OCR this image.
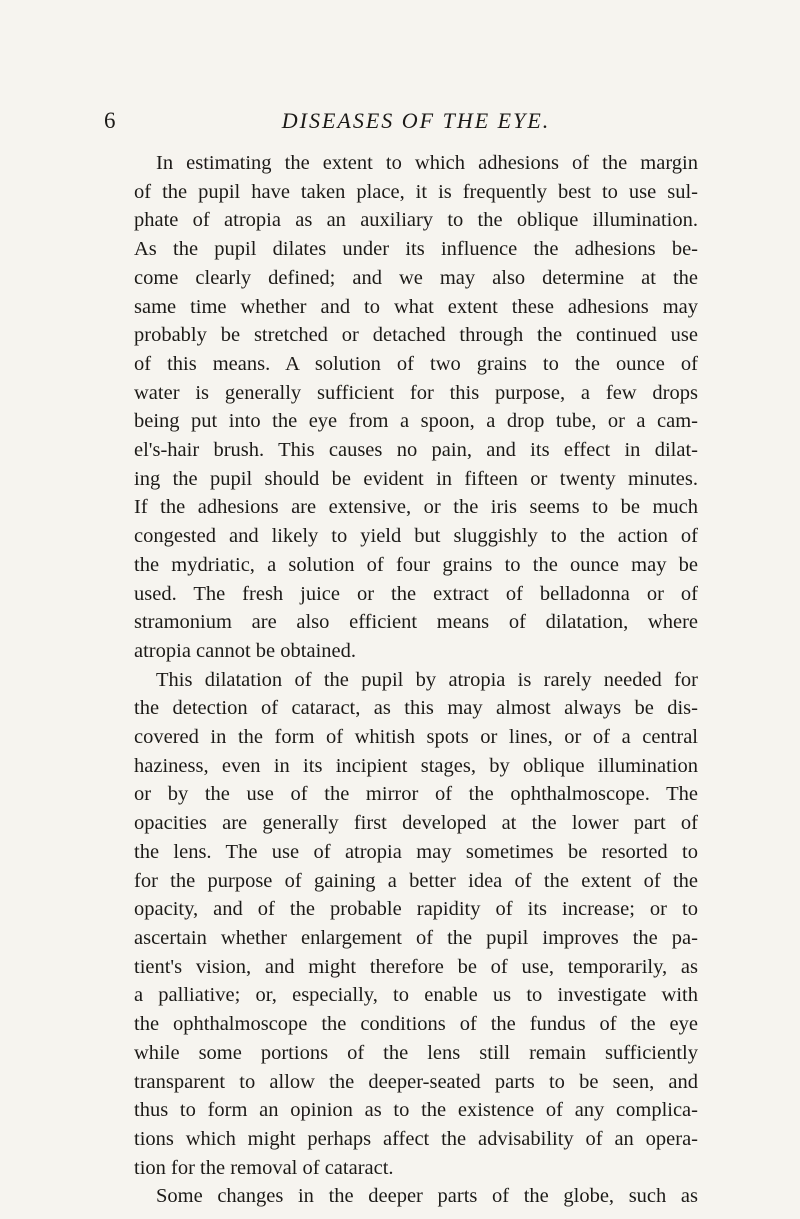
6	DISEASES OF THE EYE.
In estimating the extent to which adhesions of the margin
of the pupil have taken place, it is frequently best to use sul-
phate of atropia as an auxiliary to the oblique illumination.
As the pupil dilates under its influence the adhesions be-
come clearly defined; and we may also determine at the
same time whether and to what extent these adhesions may
probably be stretched or detached through the continued use
of this means. A solution of two grains to the ounce of
water is generally sufficient for this purpose, a few drops
being put into the eye from a spoon, a drop tube, or a cam-
el's-hair brush. This causes no pain, and its effect in dilat-
ing the pupil should be evident in fifteen or twenty minutes.
If the adhesions are extensive, or the iris seems to be much
congested and likely to yield but sluggishly to the action of
the mydriatic, a solution of four grains to the ounce may be
used. The fresh juice or the extract of belladonna or of
stramonium are also efficient means of dilatation, where
atropia cannot be obtained.
This dilatation of the pupil by atropia is rarely needed for
the detection of cataract, as this may almost always be dis-
covered in the form of whitish spots or lines, or of a central
haziness, even in its incipient stages, by oblique illumination
or by the use of the mirror of the ophthalmoscope. The
opacities are generally first developed at the lower part of
the lens. The use of atropia may sometimes be resorted to
for the purpose of gaining a better idea of the extent of the
opacity, and of the probable rapidity of its increase; or to
ascertain whether enlargement of the pupil improves the pa-
tient's vision, and might therefore be of use, temporarily, as
a palliative; or, especially, to enable us to investigate with
the ophthalmoscope the conditions of the fundus of the eye
while some portions of the lens still remain sufficiently
transparent to allow the deeper-seated parts to be seen, and
thus to form an opinion as to the existence of any complica-
tions which might perhaps affect the advisability of an opera-
tion for the removal of cataract.
Some changes in the deeper parts of the globe, such as
